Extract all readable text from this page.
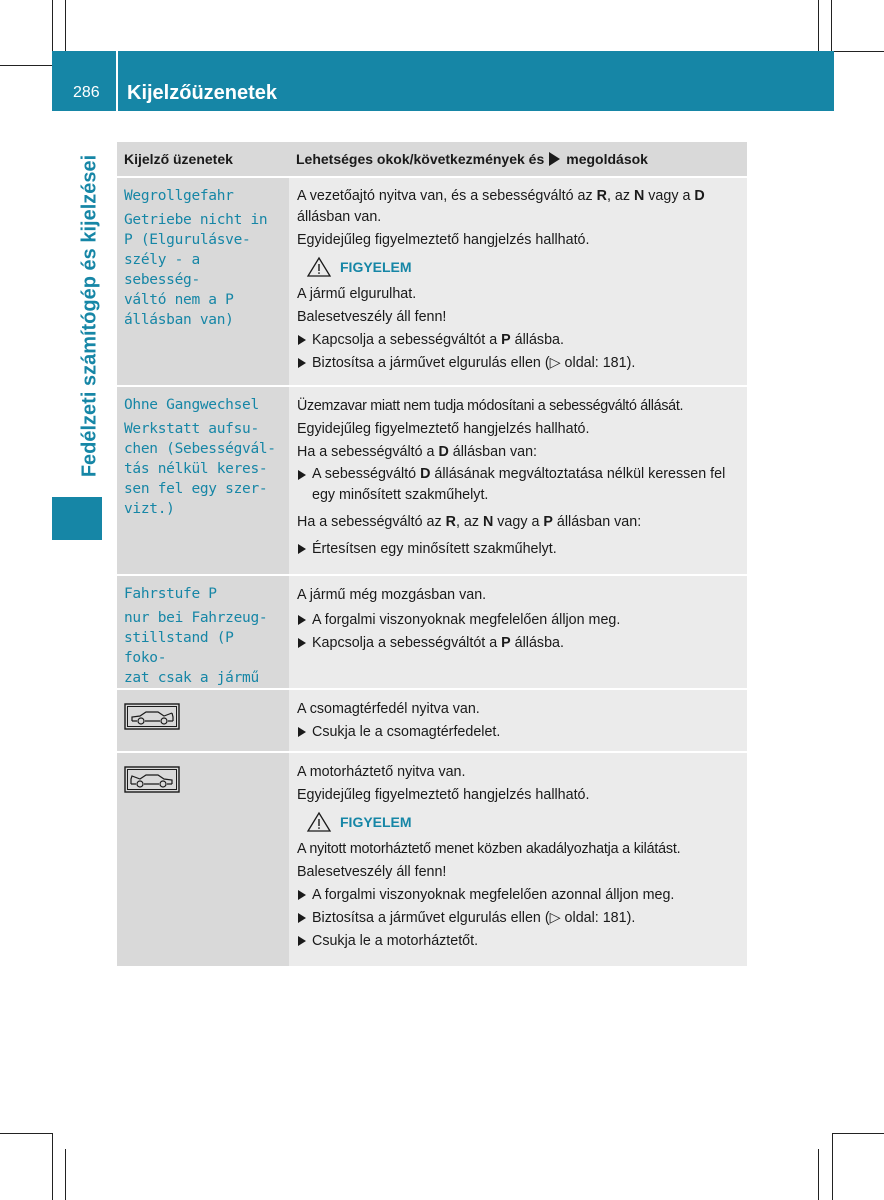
286 Kijelzőüzenetek
Fedélzeti számítógép és kijelzései	Kijelző üzenetek	Lehetséges okok/következmények és megoldások
Wegrollgefahr
Getriebe nicht in
P (Elgurulásve-
szély - a sebesség-
váltó nem a P
állásban van)

A vezetőajtó nyitva van, és a sebességváltó az R, az N vagy a D állásban van.

Egyidejűleg figyelmeztető hangjelzés hallható.

FIGYELEM

A jármű elgurulhat.

Balesetveszély áll fenn!

Kapcsolja a sebességváltót a P állásba.
Biztosítsa a járművet elgurulás ellen (▷ oldal: 181).
Ohne Gangwechsel
Werkstatt aufsu-
chen (Sebességvál-
tás nélkül keres-
sen fel egy szer-
vizt.)

Üzemzavar miatt nem tudja módosítani a sebességváltó állását.

Egyidejűleg figyelmeztető hangjelzés hallható.

Ha a sebességváltó a D állásban van:

A sebességváltó D állásának megváltoztatása nélkül keressen fel egy minősített szakműhelyt.

Ha a sebességváltó az R, az N vagy a P állásban van:

Értesítsen egy minősített szakműhelyt.
Fahrstufe P
nur bei Fahrzeug-
stillstand (P foko-
zat csak a jármű

A jármű még mozgásban van.

A forgalmi viszonyoknak megfelelően álljon meg.
Kapcsolja a sebességváltót a P állásba.

A csomagtérfedél nyitva van.

Csukja le a csomagtérfedelet.

A motorháztető nyitva van.

Egyidejűleg figyelmeztető hangjelzés hallható.

FIGYELEM

A nyitott motorháztető menet közben akadályozhatja a kilátást.

Balesetveszély áll fenn!

A forgalmi viszonyoknak megfelelően azonnal álljon meg.
Biztosítsa a járművet elgurulás ellen (▷ oldal: 181).
Csukja le a motorháztetőt.
